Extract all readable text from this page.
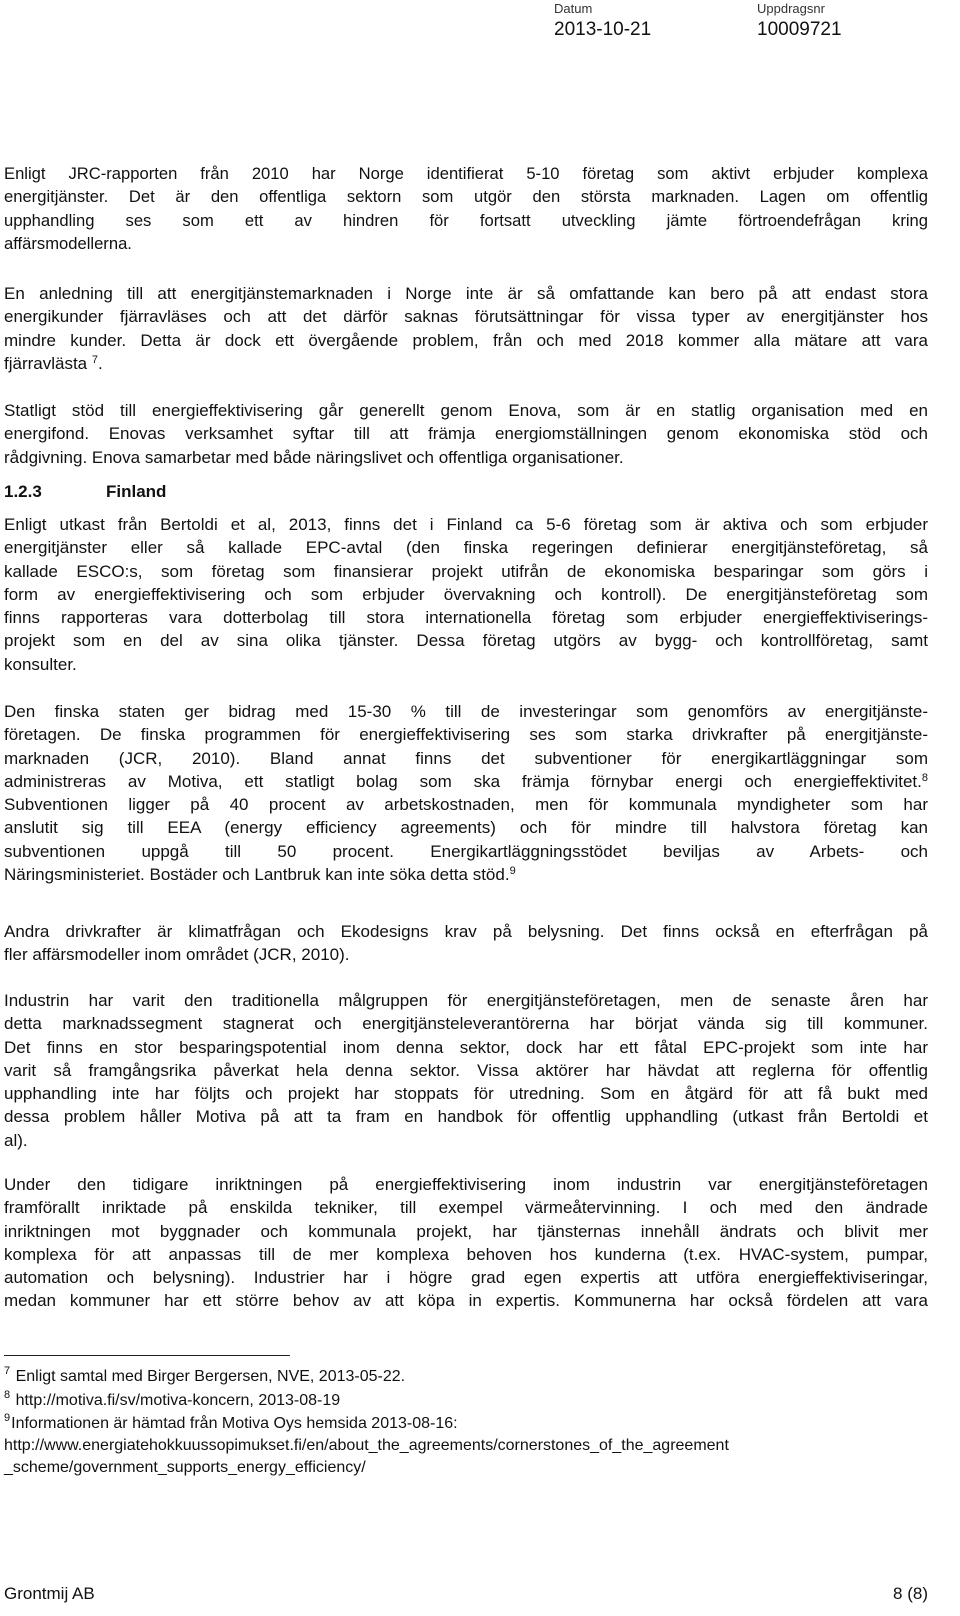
Datum
2013-10-21
Uppdragsnr
10009721

Enligt JRC-rapporten från 2010 har Norge identifierat 5-10 företag som aktivt erbjuder komplexa
energitjänster. Det är den offentliga sektorn som utgör den största marknaden. Lagen om offentlig
upphandling ses som ett av hindren för fortsatt utveckling jämte förtroendefrågan kring
affärsmodellerna.

En anledning till att energitjänstemarknaden i Norge inte är så omfattande kan bero på att endast stora
energikunder fjärravläses och att det därför saknas förutsättningar för vissa typer av energitjänster hos
mindre kunder. Detta är dock ett övergående problem, från och med 2018 kommer alla mätare att vara
fjärravlästa $^7$.

Statligt stöd till energieffektivisering går generellt genom Enova, som är en statlig organisation med en
energifond. Enovas verksamhet syftar till att främja energiomställningen genom ekonomiska stöd och
rådgivning. Enova samarbetar med både näringslivet och offentliga organisationer.

1.2.3	Finland

Enligt utkast från Bertoldi et al, 2013, finns det i Finland ca 5-6 företag som är aktiva och som erbjuder
energitjänster eller så kallade EPC-avtal (den finska regeringen definierar energitjänsteföretag, så
kallade ESCO:s, som företag som finansierar projekt utifrån de ekonomiska besparingar som görs i
form av energieffektivisering och som erbjuder övervakning och kontroll). De energitjänsteföretag som
finns rapporteras vara dotterbolag till stora internationella företag som erbjuder energieffektiviserings-
projekt som en del av sina olika tjänster. Dessa företag utgörs av bygg- och kontrollföretag, samt
konsulter.

Den finska staten ger bidrag med 15-30 % till de investeringar som genomförs av energitjänste-
företagen. De finska programmen för energieffektivisering ses som starka drivkrafter på energitjänste-
marknaden (JCR, 2010). Bland annat finns det subventioner för energikartläggningar som
administreras av Motiva, ett statligt bolag som ska främja förnybar energi och energieffektivitet.$^8$
Subventionen ligger på 40 procent av arbetskostnaden, men för kommunala myndigheter som har
anslutit sig till EEA (energy efficiency agreements) och för mindre till halvstora företag kan
subventionen uppgå till 50 procent. Energikartläggningsstödet beviljas av Arbets- och
Näringsministeriet. Bostäder och Lantbruk kan inte söka detta stöd.$^9$

Andra drivkrafter är klimatfrågan och Ekodesigns krav på belysning. Det finns också en efterfrågan på
fler affärsmodeller inom området (JCR, 2010).

Industrin har varit den traditionella målgruppen för energitjänsteföretagen, men de senaste åren har
detta marknadssegment stagnerat och energitjänsteleverantörerna har börjat vända sig till kommuner.
Det finns en stor besparingspotential inom denna sektor, dock har ett fåtal EPC-projekt som inte har
varit så framgångsrika påverkat hela denna sektor. Vissa aktörer har hävdat att reglerna för offentlig
upphandling inte har följts och projekt har stoppats för utredning. Som en åtgärd för att få bukt med
dessa problem håller Motiva på att ta fram en handbok för offentlig upphandling (utkast från Bertoldi et
al).

Under den tidigare inriktningen på energieffektivisering inom industrin var energitjänsteföretagen
framförallt inriktade på enskilda tekniker, till exempel värmeåtervinning. I och med den ändrade
inriktningen mot byggnader och kommunala projekt, har tjänsternas innehåll ändrats och blivit mer
komplexa för att anpassas till de mer komplexa behoven hos kunderna (t.ex. HVAC-system, pumpar,
automation och belysning). Industrier har i högre grad egen expertis att utföra energieffektiviseringar,
medan kommuner har ett större behov av att köpa in expertis. Kommunerna har också fördelen att vara

$^7$ Enligt samtal med Birger Bergersen, NVE, 2013-05-22.

$^8$ http://motiva.fi/sv/motiva-koncern, 2013-08-19

$^9$Informationen är hämtad från Motiva Oys hemsida 2013-08-16:
http://www.energiatehokkuussopimukset.fi/en/about_the_agreements/cornerstones_of_the_agreement
_scheme/government_supports_energy_efficiency/

Grontmij AB	8 (8)
